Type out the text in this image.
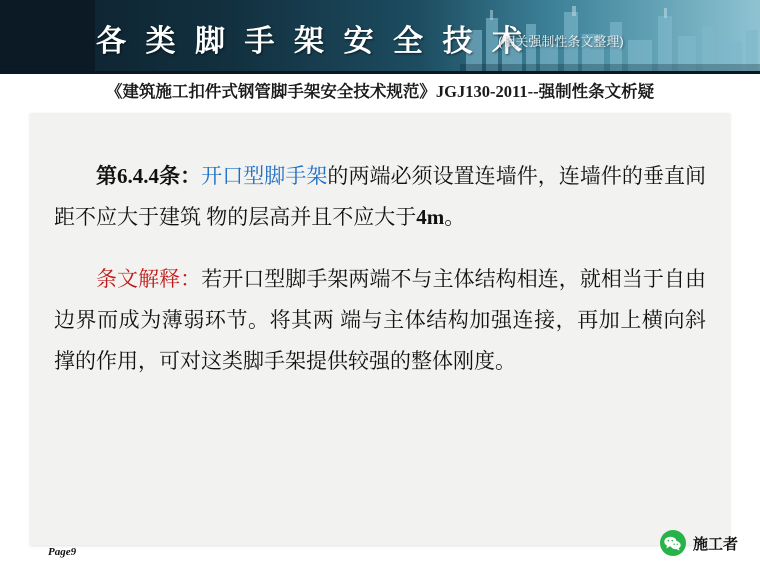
各 类 脚 手 架 安 全 技 术
(相关强制性条文整理)
《建筑施工扣件式钢管脚手架安全技术规范》JGJ130-2011--强制性条文析疑

第6.4.4条：开口型脚手架的两端必须设置连墙件，连墙件的垂直间距不应大于建筑 物的层高并且不应大于4m。

条文解释：若开口型脚手架两端不与主体结构相连，就相当于自由边界而成为薄弱环节。将其两 端与主体结构加强连接，再加上横向斜撑的作用，可对这类脚手架提供较强的整体刚度。

Page9	施工者
